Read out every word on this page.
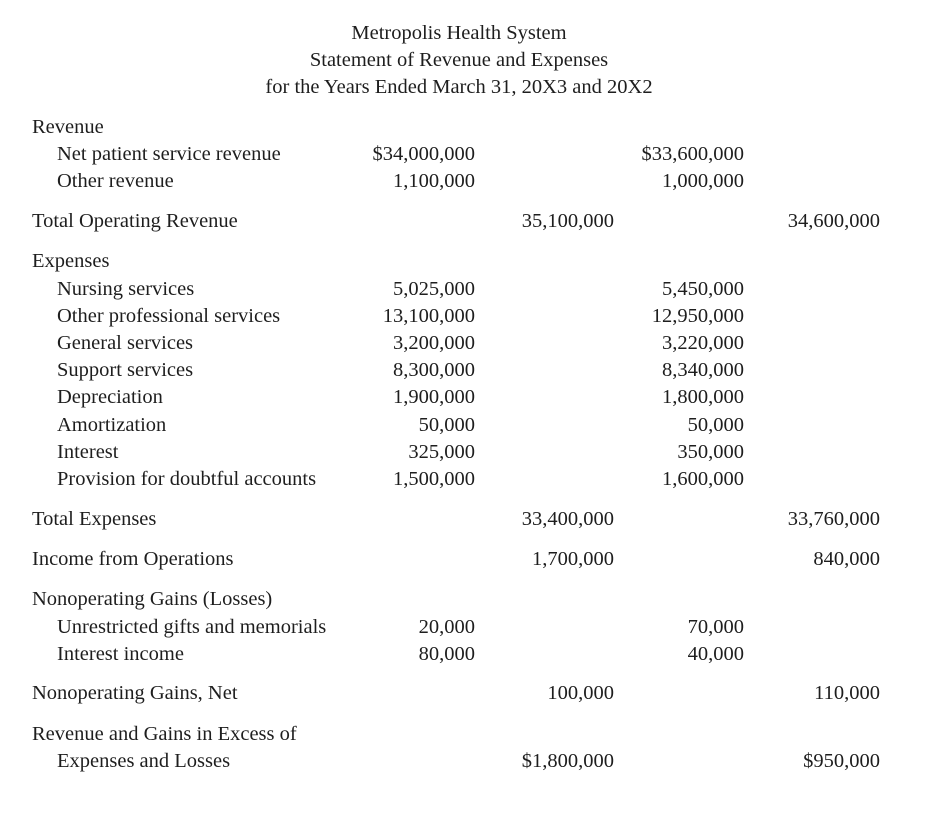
Metropolis Health System
Statement of Revenue and Expenses
for the Years Ended March 31, 20X3 and 20X2
Revenue
Net patient service revenue	$34,000,000	$33,600,000
Other revenue	1,100,000	1,000,000
Total Operating Revenue	35,100,000	34,600,000
Expenses
Nursing services	5,025,000	5,450,000
Other professional services	13,100,000	12,950,000
General services	3,200,000	3,220,000
Support services	8,300,000	8,340,000
Depreciation	1,900,000	1,800,000
Amortization	50,000	50,000
Interest	325,000	350,000
Provision for doubtful accounts	1,500,000	1,600,000
Total Expenses	33,400,000	33,760,000
Income from Operations	1,700,000	840,000
Nonoperating Gains (Losses)
Unrestricted gifts and memorials	20,000	70,000
Interest income	80,000	40,000
Nonoperating Gains, Net	100,000	110,000
Revenue and Gains in Excess of
Expenses and Losses	$1,800,000	$950,000
